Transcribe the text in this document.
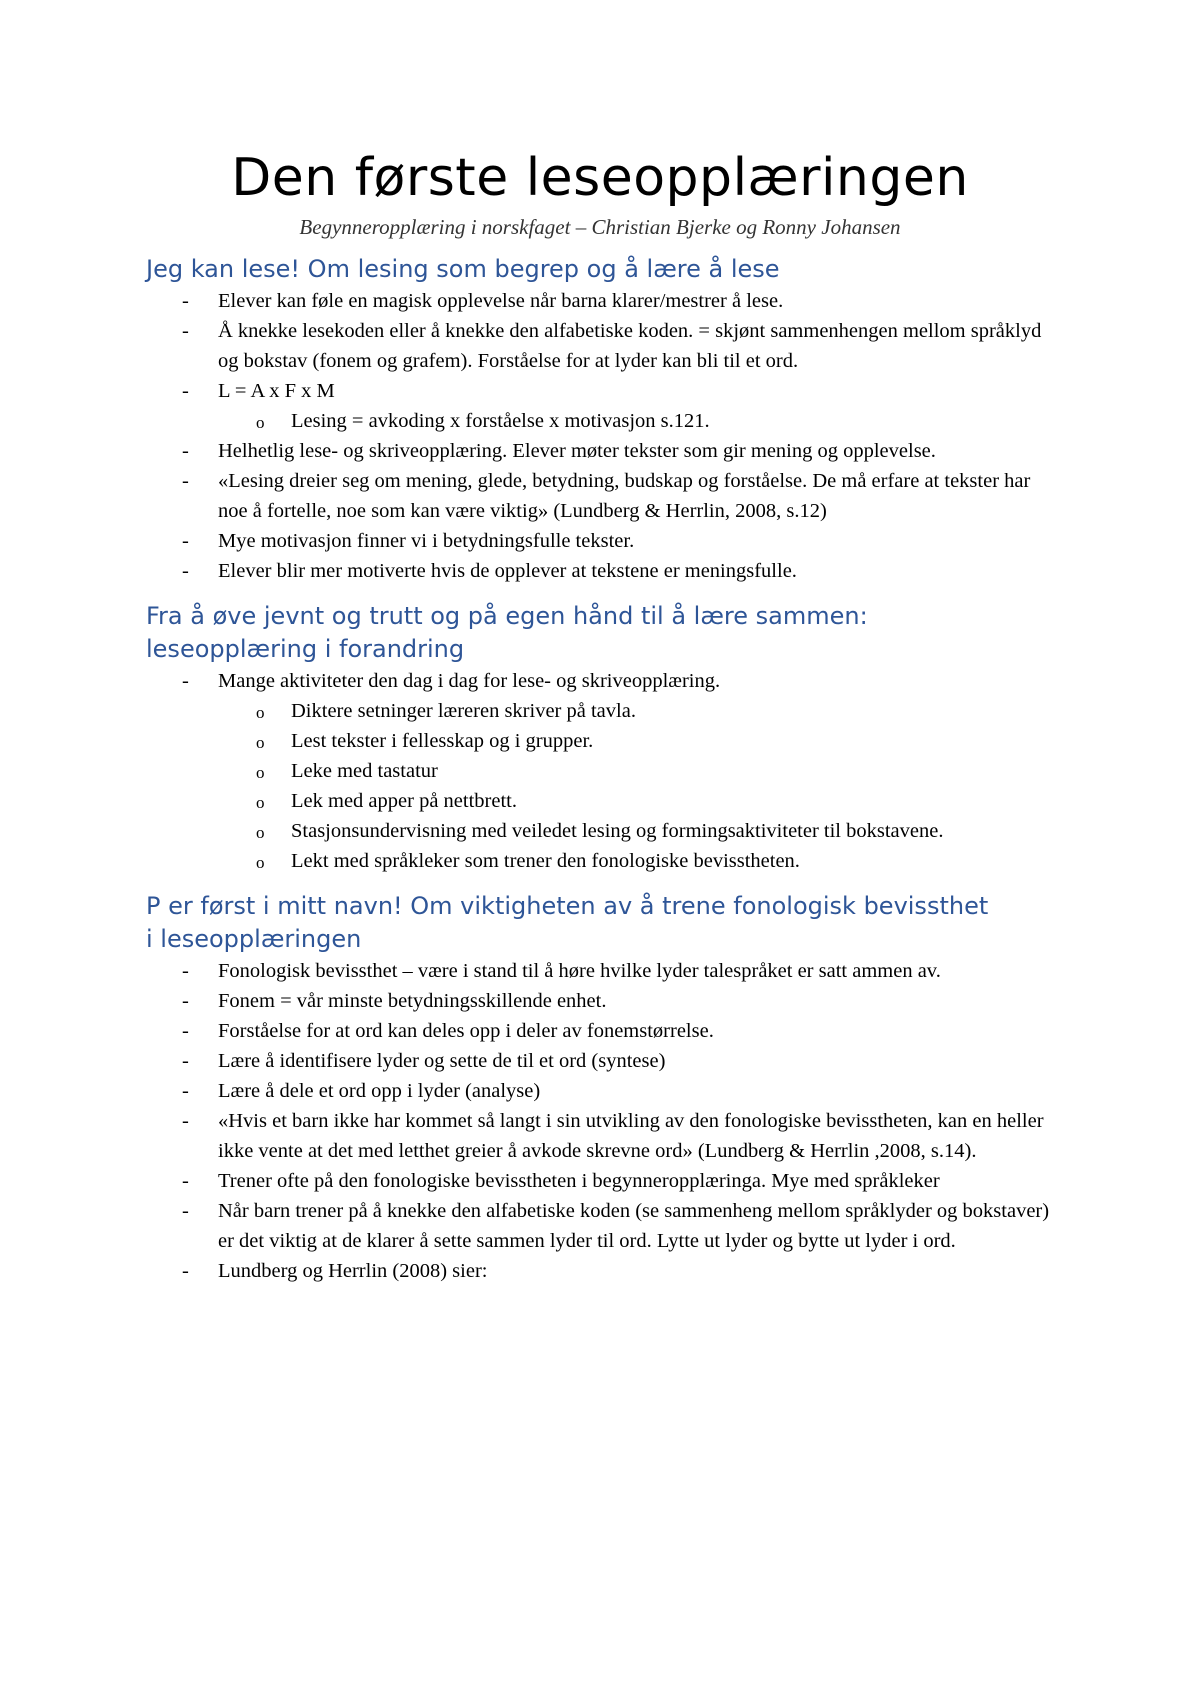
Den første leseopplæringen
Begynneropplæring i norskfaget – Christian Bjerke og Ronny Johansen
Jeg kan lese! Om lesing som begrep og å lære å lese
- Elever kan føle en magisk opplevelse når barna klarer/mestrer å lese.
- Å knekke lesekoden eller å knekke den alfabetiske koden. = skjønt sammenhengen mellom språklyd og bokstav (fonem og grafem). Forståelse for at lyder kan bli til et ord.
- L = A x F x M
o Lesing = avkoding x forståelse x motivasjon s.121.
- Helhetlig lese- og skriveopplæring. Elever møter tekster som gir mening og opplevelse.
- «Lesing dreier seg om mening, glede, betydning, budskap og forståelse. De må erfare at tekster har noe å fortelle, noe som kan være viktig» (Lundberg & Herrlin, 2008, s.12)
- Mye motivasjon finner vi i betydningsfulle tekster.
- Elever blir mer motiverte hvis de opplever at tekstene er meningsfulle.
Fra å øve jevnt og trutt og på egen hånd til å lære sammen: leseopplæring i forandring
- Mange aktiviteter den dag i dag for lese- og skriveopplæring.
o Diktere setninger læreren skriver på tavla.
o Lest tekster i fellesskap og i grupper.
o Leke med tastatur
o Lek med apper på nettbrett.
o Stasjonsundervisning med veiledet lesing og formingsaktiviteter til bokstavene.
o Lekt med språkleker som trener den fonologiske bevisstheten.
P er først i mitt navn! Om viktigheten av å trene fonologisk bevissthet i leseopplæringen
- Fonologisk bevissthet – være i stand til å høre hvilke lyder talespråket er satt ammen av.
- Fonem = vår minste betydningsskillende enhet.
- Forståelse for at ord kan deles opp i deler av fonemstørrelse.
- Lære å identifisere lyder og sette de til et ord (syntese)
- Lære å dele et ord opp i lyder (analyse)
- «Hvis et barn ikke har kommet så langt i sin utvikling av den fonologiske bevisstheten, kan en heller ikke vente at det med letthet greier å avkode skrevne ord» (Lundberg & Herrlin ,2008, s.14).
- Trener ofte på den fonologiske bevisstheten i begynneropplæringa. Mye med språkleker
- Når barn trener på å knekke den alfabetiske koden (se sammenheng mellom språklyder og bokstaver) er det viktig at de klarer å sette sammen lyder til ord. Lytte ut lyder og bytte ut lyder i ord.
- Lundberg og Herrlin (2008) sier:
